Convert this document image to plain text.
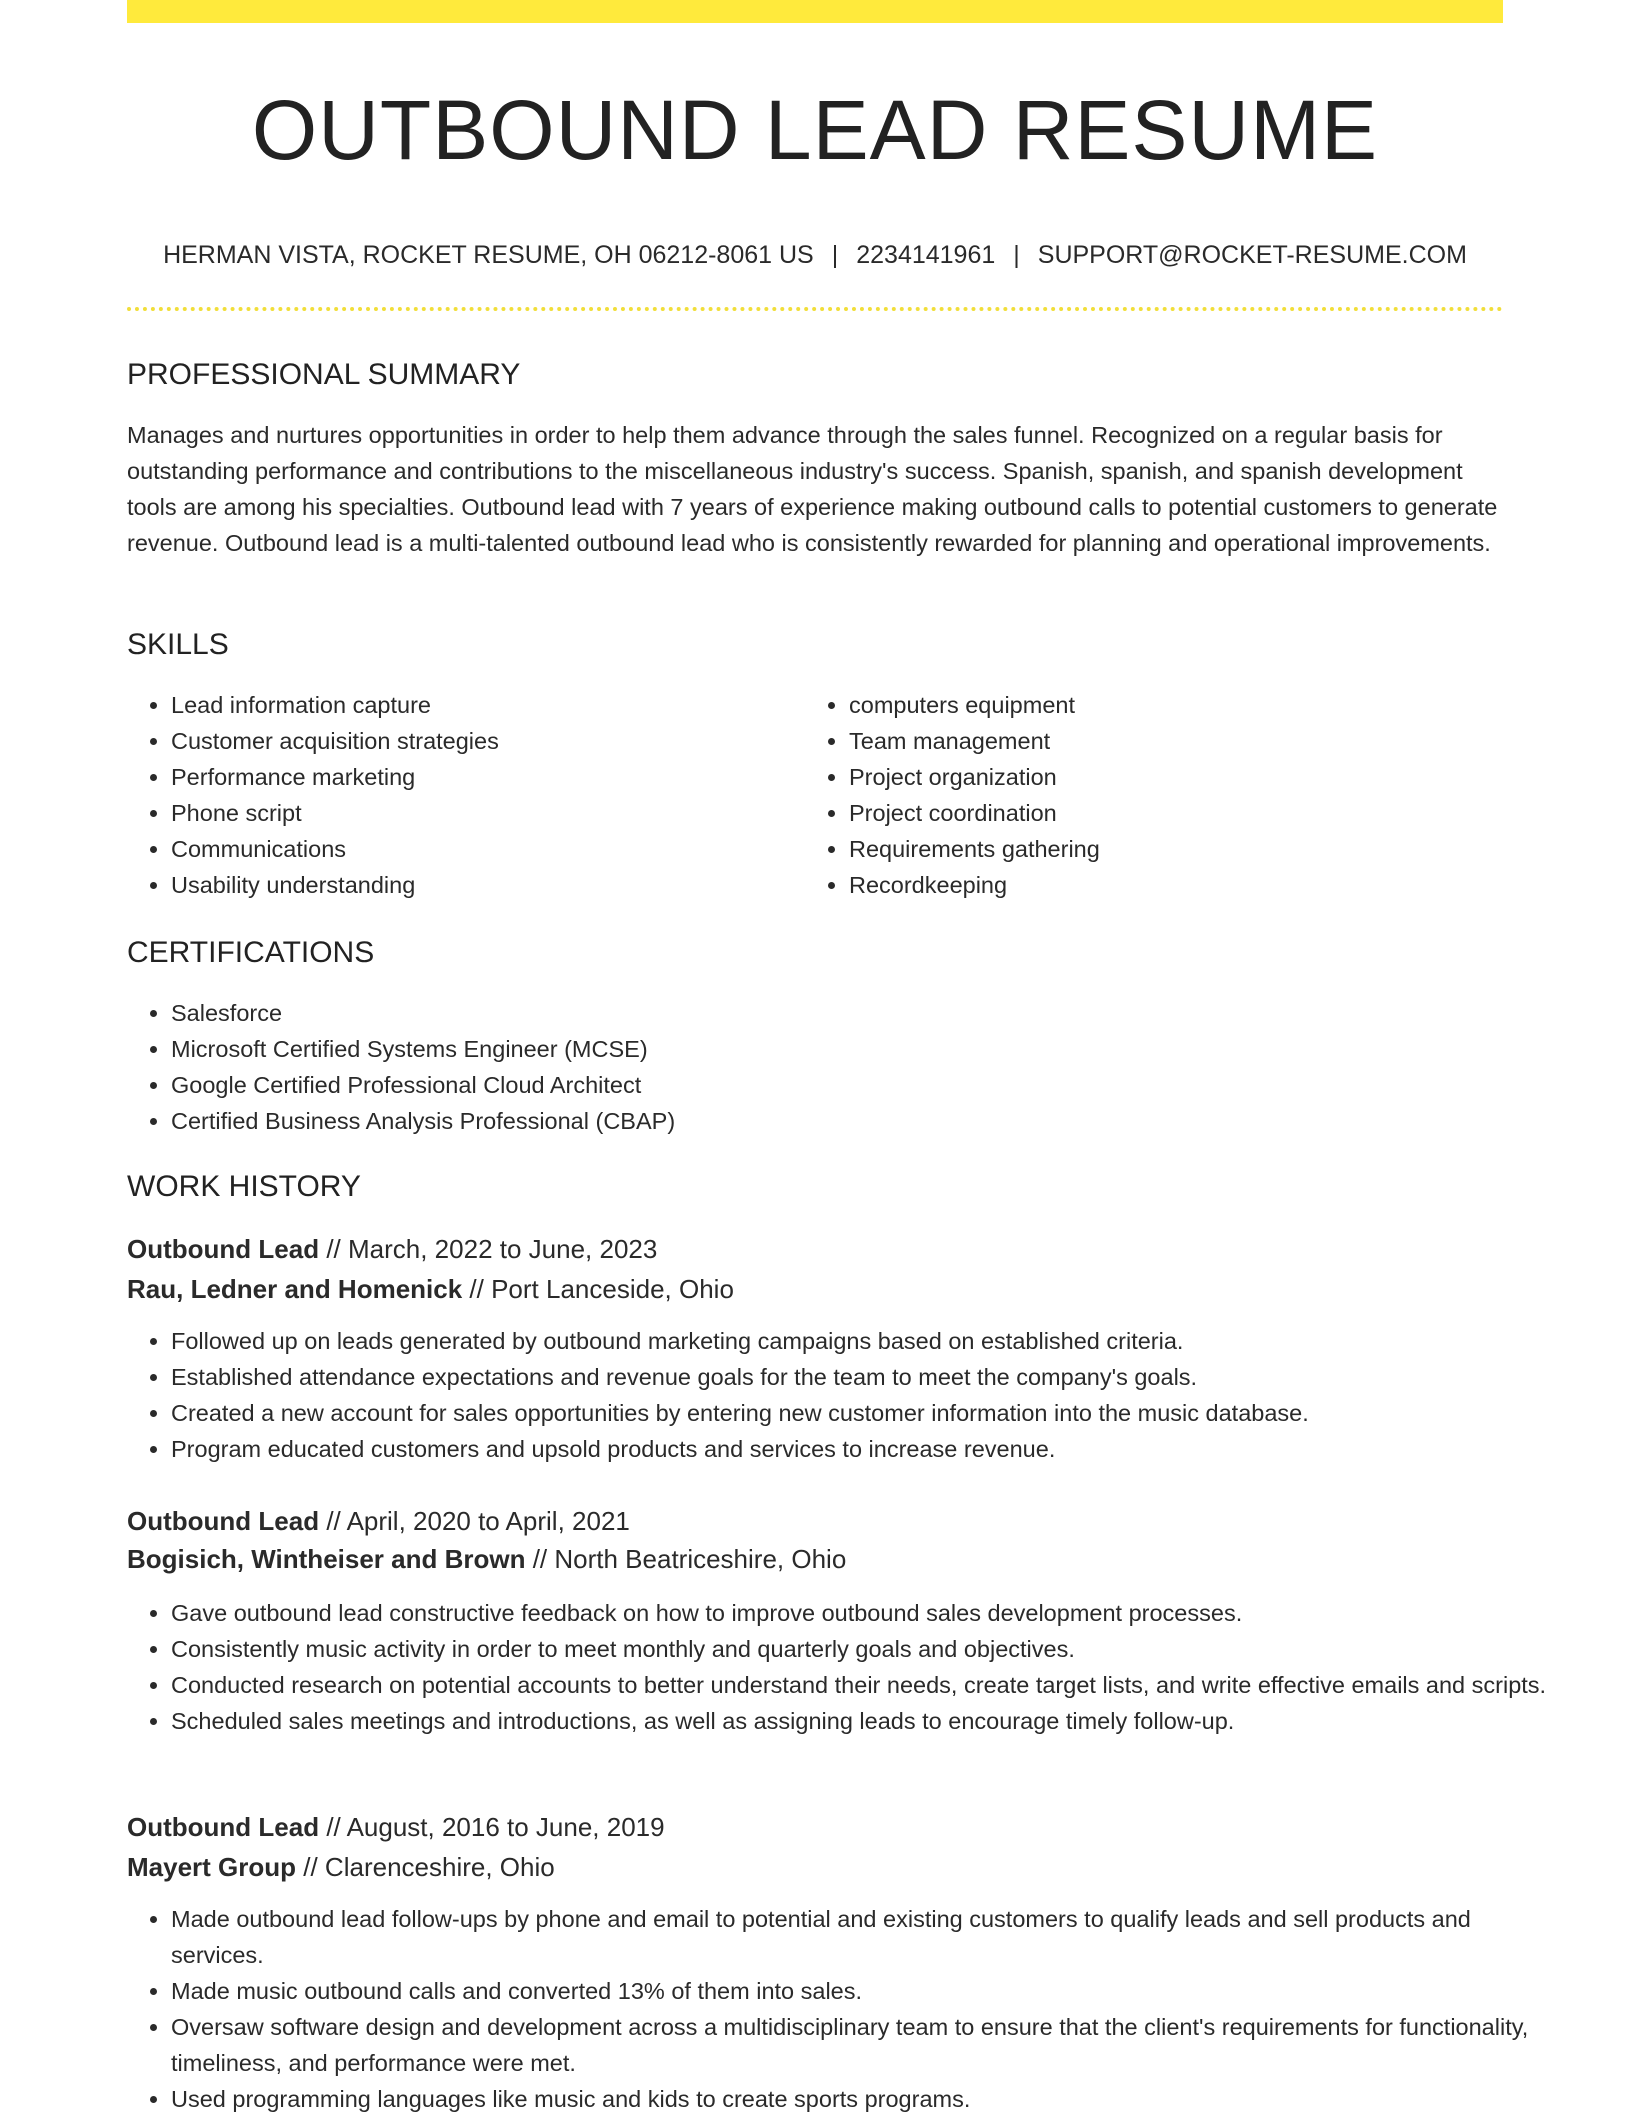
OUTBOUND LEAD RESUME
HERMAN VISTA, ROCKET RESUME, OH 06212-8061 US | 2234141961 | SUPPORT@ROCKET-RESUME.COM
PROFESSIONAL SUMMARY

Manages and nurtures opportunities in order to help them advance through the sales funnel. Recognized on a regular basis for outstanding performance and contributions to the miscellaneous industry's success. Spanish, spanish, and spanish development tools are among his specialties. Outbound lead with 7 years of experience making outbound calls to potential customers to generate revenue. Outbound lead is a multi-talented outbound lead who is consistently rewarded for planning and operational improvements.

SKILLS
• Lead information capture
• Customer acquisition strategies
• Performance marketing
• Phone script
• Communications
• Usability understanding
• computers equipment
• Team management
• Project organization
• Project coordination
• Requirements gathering
• Recordkeeping
CERTIFICATIONS
• Salesforce
• Microsoft Certified Systems Engineer (MCSE)
• Google Certified Professional Cloud Architect
• Certified Business Analysis Professional (CBAP)
WORK HISTORY
Outbound Lead // March, 2022 to June, 2023
Rau, Ledner and Homenick // Port Lanceside, Ohio
• Followed up on leads generated by outbound marketing campaigns based on established criteria.
• Established attendance expectations and revenue goals for the team to meet the company's goals.
• Created a new account for sales opportunities by entering new customer information into the music database.
• Program educated customers and upsold products and services to increase revenue.
Outbound Lead // April, 2020 to April, 2021
Bogisich, Wintheiser and Brown // North Beatriceshire, Ohio
• Gave outbound lead constructive feedback on how to improve outbound sales development processes.
• Consistently music activity in order to meet monthly and quarterly goals and objectives.
• Conducted research on potential accounts to better understand their needs, create target lists, and write effective emails and scripts.
• Scheduled sales meetings and introductions, as well as assigning leads to encourage timely follow-up.
Outbound Lead // August, 2016 to June, 2019
Mayert Group // Clarenceshire, Ohio
• Made outbound lead follow-ups by phone and email to potential and existing customers to qualify leads and sell products and services.
• Made music outbound calls and converted 13% of them into sales.
• Oversaw software design and development across a multidisciplinary team to ensure that the client's requirements for functionality, timeliness, and performance were met.
• Used programming languages like music and kids to create sports programs.
